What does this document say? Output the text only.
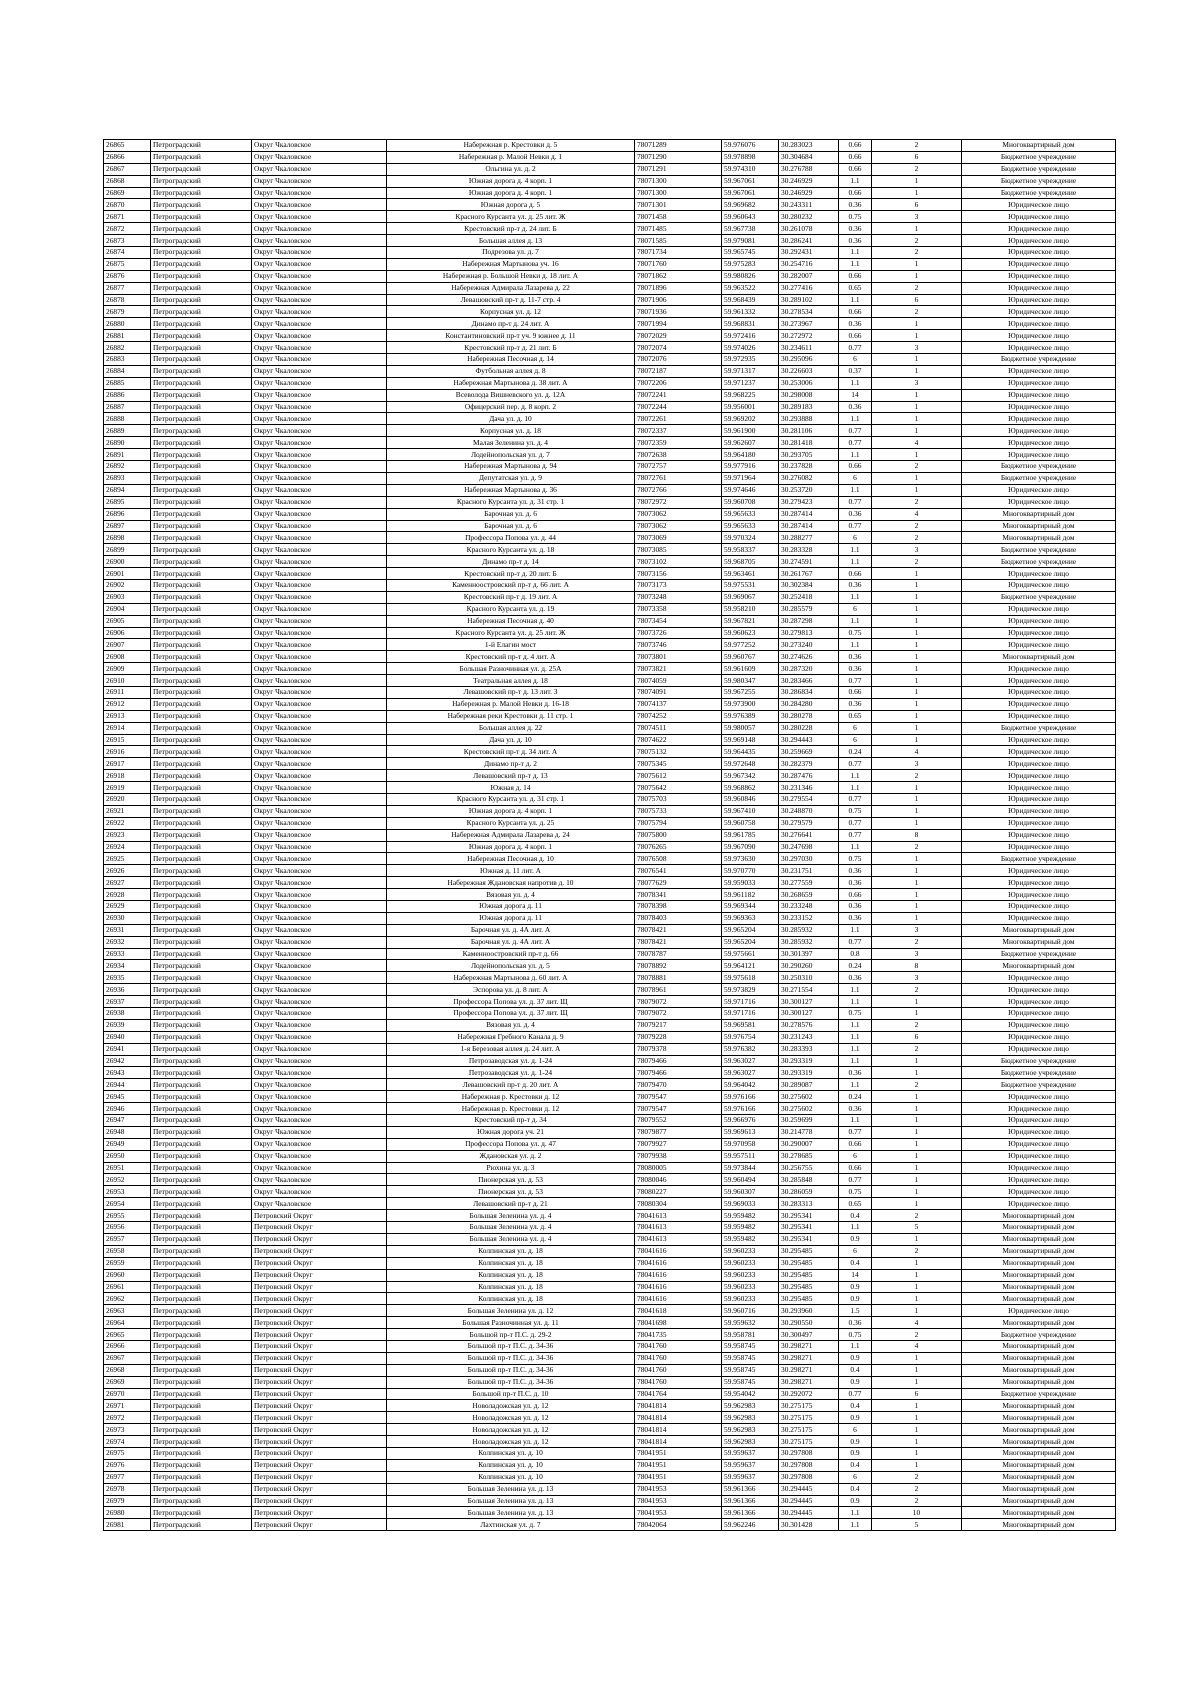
26865	Петроградский	Округ Чкаловское	Набережная р. Крестовки д. 5	78071289	59.976076	30.283023	0.66	2	Многоквартирный дом
26866	Петроградский	Округ Чкаловское	Набережная р. Малой Невки д. 1	78071290	59.978898	30.304684	0.66	6	Бюджетное учреждение
26867	Петроградский	Округ Чкаловское	Ольгина ул. д. 2	78071291	59.974310	30.276788	0.66	2	Бюджетное учреждение
26868	Петроградский	Округ Чкаловское	Южная дорога д. 4 корп. 1	78071300	59.967061	30.246929	1.1	1	Бюджетное учреждение
26869	Петроградский	Округ Чкаловское	Южная дорога д. 4 корп. 1	78071300	59.967061	30.246929	0.66	1	Бюджетное учреждение
26870	Петроградский	Округ Чкаловское	Южная дорога д. 5	78071301	59.969682	30.243311	0.36	6	Юридическое лицо
26871	Петроградский	Округ Чкаловское	Красного Курсанта ул. д. 25 лит. Ж	78071458	59.960643	30.280232	0.75	3	Юридическое лицо
26872	Петроградский	Округ Чкаловское	Крестовский пр-т д. 24 лит. Б	78071485	59.967738	30.261078	0.36	1	Юридическое лицо
26873	Петроградский	Округ Чкаловское	Большая аллея д. 13	78071585	59.979081	30.286241	0.36	2	Юридическое лицо
26874	Петроградский	Округ Чкаловское	Подрезова ул. д. 7	78071734	59.965745	30.292431	1.1	2	Юридическое лицо
26875	Петроградский	Округ Чкаловское	Набережная Мартынова уч. 16	78071760	59.975283	30.254716	1.1	1	Юридическое лицо
26876	Петроградский	Округ Чкаловское	Набережная р. Большой Невки д. 18 лит. А	78071862	59.980826	30.282007	0.66	1	Юридическое лицо
26877	Петроградский	Округ Чкаловское	Набережная Адмирала Лазарева д. 22	78071896	59.963522	30.277416	0.65	2	Юридическое лицо
26878	Петроградский	Округ Чкаловское	Левашовский пр-т д. 11-7 стр. 4	78071906	59.968439	30.289102	1.1	6	Юридическое лицо
26879	Петроградский	Округ Чкаловское	Корпусная ул. д. 12	78071936	59.961332	30.278534	0.66	2	Юридическое лицо
26880	Петроградский	Округ Чкаловское	Динамо пр-т д. 24 лит. А	78071994	59.968831	30.273967	0.36	1	Юридическое лицо
26881	Петроградский	Округ Чкаловское	Константиновский пр-т уч. 9 южнее д. 11	78072029	59.972416	30.272972	0.66	1	Юридическое лицо
26882	Петроградский	Округ Чкаловское	Крестовский пр-т д. 21 лит. Б	78072074	59.974026	30.234611	0.77	3	Юридическое лицо
26883	Петроградский	Округ Чкаловское	Набережная Песочная д. 14	78072076	59.972935	30.295096	6	1	Бюджетное учреждение
26884	Петроградский	Округ Чкаловское	Футбольная аллея д. 8	78072187	59.971317	30.226603	0.37	1	Юридическое лицо
26885	Петроградский	Округ Чкаловское	Набережная Мартынова д. 38 лит. А	78072206	59.971237	30.253006	1.1	3	Юридическое лицо
26886	Петроградский	Округ Чкаловское	Всеволода Вишневского ул. д. 12А	78072241	59.968225	30.298008	14	1	Юридическое лицо
26887	Петроградский	Округ Чкаловское	Офицерский пер. д. 8 корп. 2	78072244	59.956001	30.289183	0.36	1	Юридическое лицо
26888	Петроградский	Округ Чкаловское	Дача ул. д. 10	78072261	59.969202	30.293888	1.1	1	Юридическое лицо
26889	Петроградский	Округ Чкаловское	Корпусная ул. д. 18	78072337	59.961900	30.281106	0.77	1	Юридическое лицо
26890	Петроградский	Округ Чкаловское	Малая Зеленина ул. д. 4	78072359	59.962607	30.281418	0.77	4	Юридическое лицо
26891	Петроградский	Округ Чкаловское	Лодейнопольская ул. д. 7	78072638	59.964180	30.293705	1.1	1	Юридическое лицо
26892	Петроградский	Округ Чкаловское	Набережная Мартынова д. 94	78072757	59.977916	30.237828	0.66	2	Бюджетное учреждение
26893	Петроградский	Округ Чкаловское	Депутатская ул. д. 9	78072761	59.971964	30.276082	6	1	Бюджетное учреждение
26894	Петроградский	Округ Чкаловское	Набережная Мартынова д. 36	78072766	59.974646	30.253720	1.1	1	Юридическое лицо
26895	Петроградский	Округ Чкаловское	Красного Курсанта ул. д. 31 стр. 1	78072972	59.960708	30.279423	0.77	2	Юридическое лицо
26896	Петроградский	Округ Чкаловское	Барочная ул. д. 6	78073062	59.965633	30.287414	0.36	4	Многоквартирный дом
26897	Петроградский	Округ Чкаловское	Барочная ул. д. 6	78073062	59.965633	30.287414	0.77	2	Многоквартирный дом
26898	Петроградский	Округ Чкаловское	Профессора Попова ул. д. 44	78073069	59.970324	30.288277	6	2	Многоквартирный дом
26899	Петроградский	Округ Чкаловское	Красного Курсанта ул. д. 18	78073085	59.958337	30.283328	1.1	3	Бюджетное учреждение
26900	Петроградский	Округ Чкаловское	Динамо пр-т д. 14	78073102	59.968705	30.274591	1.1	2	Бюджетное учреждение
26901	Петроградский	Округ Чкаловское	Крестовский пр-т д. 20 лит. Б	78073156	59.963461	30.261767	0.66	1	Юридическое лицо
26902	Петроградский	Округ Чкаловское	Каменноостровский пр-т д. 66 лит. А	78073173	59.975531	30.302384	0.36	1	Юридическое лицо
26903	Петроградский	Округ Чкаловское	Крестовский пр-т д. 19 лит. А	78073248	59.969067	30.252418	1.1	1	Бюджетное учреждение
26904	Петроградский	Округ Чкаловское	Красного Курсанта ул. д. 19	78073358	59.958210	30.285579	6	1	Юридическое лицо
26905	Петроградский	Округ Чкаловское	Набережная Песочная д. 40	78073454	59.967821	30.287298	1.1	1	Юридическое лицо
26906	Петроградский	Округ Чкаловское	Красного Курсанта ул. д. 25 лит. Ж	78073726	59.960623	30.279813	0.75	1	Юридическое лицо
26907	Петроградский	Округ Чкаловское	1-й Елагин мост	78073746	59.977252	30.273240	1.1	1	Юридическое лицо
26908	Петроградский	Округ Чкаловское	Крестовский пр-т д. 4 лит. А	78073801	59.960767	30.274626	0.36	1	Многоквартирный дом
26909	Петроградский	Округ Чкаловское	Большая Разночинная ул. д. 25А	78073821	59.961609	30.287320	0.36	1	Юридическое лицо
26910	Петроградский	Округ Чкаловское	Театральная аллея д. 18	78074059	59.980347	30.283466	0.77	1	Юридическое лицо
26911	Петроградский	Округ Чкаловское	Левашовский пр-т д. 13 лит. З	78074091	59.967255	30.286834	0.66	1	Юридическое лицо
26912	Петроградский	Округ Чкаловское	Набережная р. Малой Невки д. 16-18	78074137	59.973900	30.284280	0.36	1	Юридическое лицо
26913	Петроградский	Округ Чкаловское	Набережная реки Крестовки д. 11 стр. 1	78074252	59.976389	30.280278	0.65	1	Юридическое лицо
26914	Петроградский	Округ Чкаловское	Большая аллея д. 22	78074511	59.980057	30.280228	6	1	Бюджетное учреждение
26915	Петроградский	Округ Чкаловское	Дача ул. д. 10	78074622	59.969148	30.294443	6	1	Юридическое лицо
26916	Петроградский	Округ Чкаловское	Крестовский пр-т д. 34 лит. А	78075132	59.964435	30.259669	0.24	4	Юридическое лицо
26917	Петроградский	Округ Чкаловское	Динамо пр-т д. 2	78075345	59.972648	30.282379	0.77	3	Юридическое лицо
26918	Петроградский	Округ Чкаловское	Левашовский пр-т д. 13	78075612	59.967342	30.287476	1.1	2	Юридическое лицо
26919	Петроградский	Округ Чкаловское	Южная д. 14	78075642	59.968862	30.231346	1.1	1	Юридическое лицо
26920	Петроградский	Округ Чкаловское	Красного Курсанта ул. д. 31 стр. 1	78075703	59.960846	30.279554	0.77	1	Юридическое лицо
26921	Петроградский	Округ Чкаловское	Южная дорога д. 4 корп. 1	78075733	59.967410	30.248870	0.75	1	Юридическое лицо
26922	Петроградский	Округ Чкаловское	Красного Курсанта ул. д. 25	78075794	59.960758	30.279579	0.77	1	Юридическое лицо
26923	Петроградский	Округ Чкаловское	Набережная Адмирала Лазарева д. 24	78075800	59.961785	30.276641	0.77	8	Юридическое лицо
26924	Петроградский	Округ Чкаловское	Южная дорога д. 4 корп. 1	78076265	59.967090	30.247698	1.1	2	Юридическое лицо
26925	Петроградский	Округ Чкаловское	Набережная Песочная д. 10	78076508	59.973630	30.297030	0.75	1	Бюджетное учреждение
26926	Петроградский	Округ Чкаловское	Южная д. 11 лит. А	78076541	59.970770	30.231751	0.36	1	Юридическое лицо
26927	Петроградский	Округ Чкаловское	Набережная Ждановская напротив д. 10	78077629	59.959033	30.277559	0.36	1	Юридическое лицо
26928	Петроградский	Округ Чкаловское	Вязовая ул. д. 4	78078341	59.961182	30.268659	0.66	1	Юридическое лицо
26929	Петроградский	Округ Чкаловское	Южная дорога д. 11	78078398	59.969344	30.233248	0.36	1	Юридическое лицо
26930	Петроградский	Округ Чкаловское	Южная дорога д. 11	78078403	59.969363	30.233152	0.36	1	Юридическое лицо
26931	Петроградский	Округ Чкаловское	Барочная ул. д. 4А лит. А	78078421	59.965204	30.285932	1.1	3	Многоквартирный дом
26932	Петроградский	Округ Чкаловское	Барочная ул. д. 4А лит. А	78078421	59.965204	30.285932	0.77	2	Многоквартирный дом
26933	Петроградский	Округ Чкаловское	Каменноостровский пр-т д. 66	78078787	59.975661	30.301397	0.8	3	Бюджетное учреждение
26934	Петроградский	Округ Чкаловское	Лодейнопольская ул. д. 5	78078892	59.964121	30.290260	0.24	8	Многоквартирный дом
26935	Петроградский	Округ Чкаловское	Набережная Мартынова д. 60 лит. А	78078881	59.975618	30.250310	0.36	3	Юридическое лицо
26936	Петроградский	Округ Чкаловское	Эспорова ул. д. 8 лит. А	78078961	59.973829	30.271554	1.1	2	Юридическое лицо
26937	Петроградский	Округ Чкаловское	Профессора Попова ул. д. 37 лит. Щ	78079072	59.971716	30.300127	1.1	1	Юридическое лицо
26938	Петроградский	Округ Чкаловское	Профессора Попова ул. д. 37 лит. Щ	78079072	59.971716	30.300127	0.75	1	Юридическое лицо
26939	Петроградский	Округ Чкаловское	Вязовая ул. д. 4	78079217	59.969581	30.278576	1.1	2	Юридическое лицо
26940	Петроградский	Округ Чкаловское	Набережная Гребного Канала д. 9	78079228	59.976754	30.231243	1.1	6	Юридическое лицо
26941	Петроградский	Округ Чкаловское	1-я Березовая аллея д. 24 лит. А	78079378	59.976382	30.283393	1.1	2	Юридическое лицо
26942	Петроградский	Округ Чкаловское	Петрозаводская ул. д. 1-24	78079466	59.963027	30.293319	1.1	1	Бюджетное учреждение
26943	Петроградский	Округ Чкаловское	Петрозаводская ул. д. 1-24	78079466	59.963027	30.293319	0.36	1	Бюджетное учреждение
26944	Петроградский	Округ Чкаловское	Левашовский пр-т д. 20 лит. А	78079470	59.964042	30.289087	1.1	2	Бюджетное учреждение
26945	Петроградский	Округ Чкаловское	Набережная р. Крестовки д. 12	78079547	59.976166	30.275602	0.24	1	Юридическое лицо
26946	Петроградский	Округ Чкаловское	Набережная р. Крестовки д. 12	78079547	59.976166	30.275602	0.36	1	Юридическое лицо
26947	Петроградский	Округ Чкаловское	Крестовский пр-т д. 34	78079552	59.966976	30.259699	1.1	1	Юридическое лицо
26948	Петроградский	Округ Чкаловское	Южная дорога уч. 21	78079877	59.969613	30.214778	0.77	1	Юридическое лицо
26949	Петроградский	Округ Чкаловское	Профессора Попова ул. д. 47	78079927	59.970958	30.290007	0.66	1	Юридическое лицо
26950	Петроградский	Округ Чкаловское	Ждановская ул. д. 2	78079938	59.957511	30.278685	6	1	Юридическое лицо
26951	Петроградский	Округ Чкаловское	Рюхина ул. д. 3	78080005	59.973844	30.256755	0.66	1	Юридическое лицо
26952	Петроградский	Округ Чкаловское	Пионерская ул. д. 53	78080046	59.960494	30.285848	0.77	1	Юридическое лицо
26953	Петроградский	Округ Чкаловское	Пионерская ул. д. 53	78080227	59.960307	30.286059	0.75	1	Юридическое лицо
26954	Петроградский	Округ Чкаловское	Левашовский пр-т д. 21	78080304	59.969033	30.283313	0.65	1	Юридическое лицо
26955	Петроградский	Петровский Округ	Большая Зеленина ул. д. 4	78041613	59.959482	30.295341	0.4	2	Многоквартирный дом
26956	Петроградский	Петровский Округ	Большая Зеленина ул. д. 4	78041613	59.959482	30.295341	1.1	5	Многоквартирный дом
26957	Петроградский	Петровский Округ	Большая Зеленина ул. д. 4	78041613	59.959482	30.295341	0.9	1	Многоквартирный дом
26958	Петроградский	Петровский Округ	Колпинская ул. д. 18	78041616	59.960233	30.295485	6	2	Многоквартирный дом
26959	Петроградский	Петровский Округ	Колпинская ул. д. 18	78041616	59.960233	30.295485	0.4	1	Многоквартирный дом
26960	Петроградский	Петровский Округ	Колпинская ул. д. 18	78041616	59.960233	30.295485	14	1	Многоквартирный дом
26961	Петроградский	Петровский Округ	Колпинская ул. д. 18	78041616	59.960233	30.295485	0.9	1	Многоквартирный дом
26962	Петроградский	Петровский Округ	Колпинская ул. д. 18	78041616	59.960233	30.295485	0.9	1	Многоквартирный дом
26963	Петроградский	Петровский Округ	Большая Зеленина ул. д. 12	78041618	59.960716	30.293960	1.5	1	Юридическое лицо
26964	Петроградский	Петровский Округ	Большая Разночинная ул. д. 11	78041698	59.959632	30.290550	0.36	4	Многоквартирный дом
26965	Петроградский	Петровский Округ	Большой пр-т П.С. д. 29-2	78041735	59.958781	30.300497	0.75	2	Бюджетное учреждение
26966	Петроградский	Петровский Округ	Большой пр-т П.С. д. 34-36	78041760	59.958745	30.298271	1.1	4	Многоквартирный дом
26967	Петроградский	Петровский Округ	Большой пр-т П.С. д. 34-36	78041760	59.958745	30.298271	0.9	1	Многоквартирный дом
26968	Петроградский	Петровский Округ	Большой пр-т П.С. д. 34-36	78041760	59.958745	30.298271	0.4	1	Многоквартирный дом
26969	Петроградский	Петровский Округ	Большой пр-т П.С. д. 34-36	78041760	59.958745	30.298271	0.9	1	Многоквартирный дом
26970	Петроградский	Петровский Округ	Большой пр-т П.С. д. 10	78041764	59.954042	30.292072	0.77	6	Бюджетное учреждение
26971	Петроградский	Петровский Округ	Новоладожская ул. д. 12	78041814	59.962983	30.275175	0.4	1	Многоквартирный дом
26972	Петроградский	Петровский Округ	Новоладожская ул. д. 12	78041814	59.962983	30.275175	0.9	1	Многоквартирный дом
26973	Петроградский	Петровский Округ	Новоладожская ул. д. 12	78041814	59.962983	30.275175	6	1	Многоквартирный дом
26974	Петроградский	Петровский Округ	Новоладожская ул. д. 12	78041814	59.962983	30.275175	0.9	1	Многоквартирный дом
26975	Петроградский	Петровский Округ	Колпинская ул. д. 10	78041951	59.959637	30.297808	0.9	1	Многоквартирный дом
26976	Петроградский	Петровский Округ	Колпинская ул. д. 10	78041951	59.959637	30.297808	0.4	1	Многоквартирный дом
26977	Петроградский	Петровский Округ	Колпинская ул. д. 10	78041951	59.959637	30.297808	6	2	Многоквартирный дом
26978	Петроградский	Петровский Округ	Большая Зеленина ул. д. 13	78041953	59.961366	30.294445	0.4	2	Многоквартирный дом
26979	Петроградский	Петровский Округ	Большая Зеленина ул. д. 13	78041953	59.961366	30.294445	0.9	2	Многоквартирный дом
26980	Петроградский	Петровский Округ	Большая Зеленина ул. д. 13	78041953	59.961366	30.294445	1.1	10	Многоквартирный дом
26981	Петроградский	Петровский Округ	Лахтинская ул. д. 7	78042064	59.962246	30.301428	1.1	5	Многоквартирный дом
